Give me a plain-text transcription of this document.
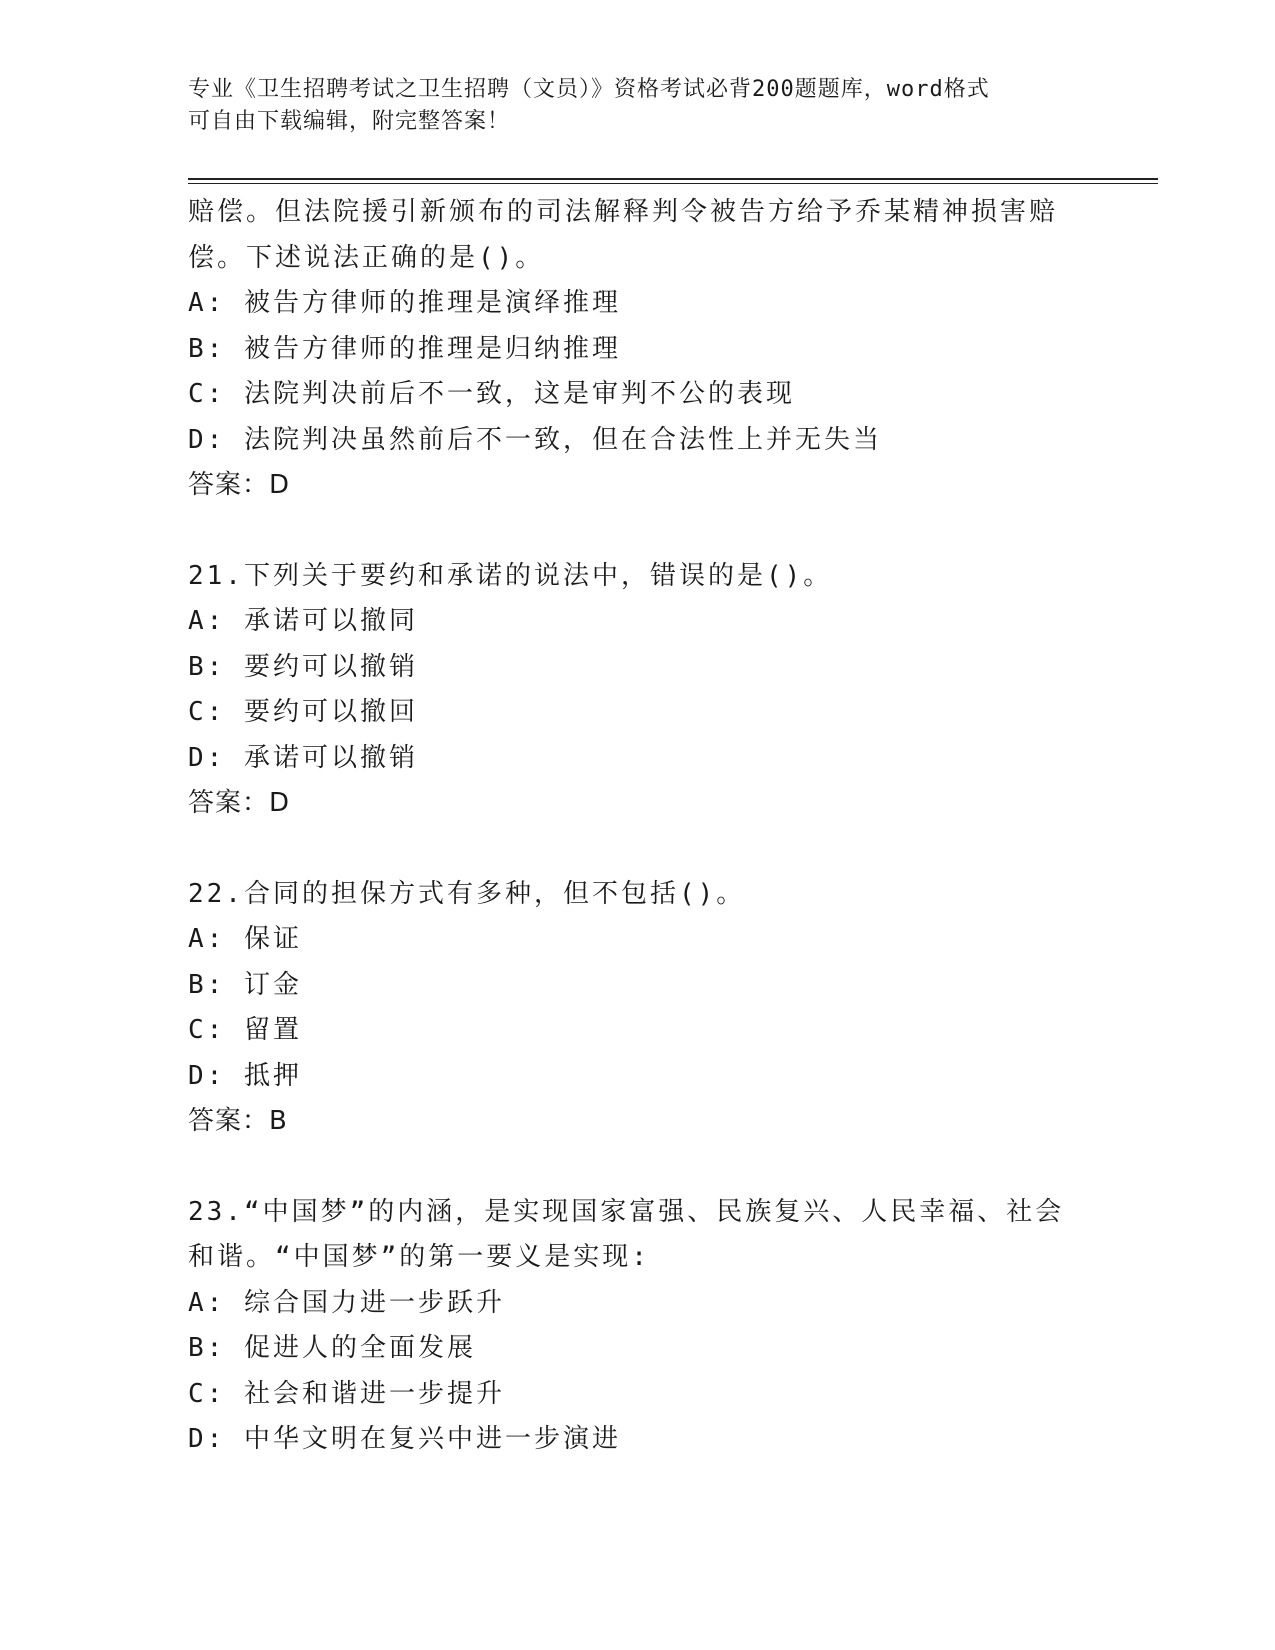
专业《卫生招聘考试之卫生招聘（文员）》资格考试必背200题题库，word格式
可自由下载编辑，附完整答案！
赔偿。但法院援引新颁布的司法解释判令被告方给予乔某精神损害赔
偿。下述说法正确的是()。
A: 被告方律师的推理是演绎推理
B: 被告方律师的推理是归纳推理
C: 法院判决前后不一致，这是审判不公的表现
D: 法院判决虽然前后不一致，但在合法性上并无失当
答案：D
21.下列关于要约和承诺的说法中，错误的是()。
A: 承诺可以撤同
B: 要约可以撤销
C: 要约可以撤回
D: 承诺可以撤销
答案：D
22.合同的担保方式有多种，但不包括()。
A: 保证
B: 订金
C: 留置
D: 抵押
答案：B
23.“中国梦”的内涵，是实现国家富强、民族复兴、人民幸福、社会
和谐。“中国梦”的第一要义是实现:
A: 综合国力进一步跃升
B: 促进人的全面发展
C: 社会和谐进一步提升
D: 中华文明在复兴中进一步演进
